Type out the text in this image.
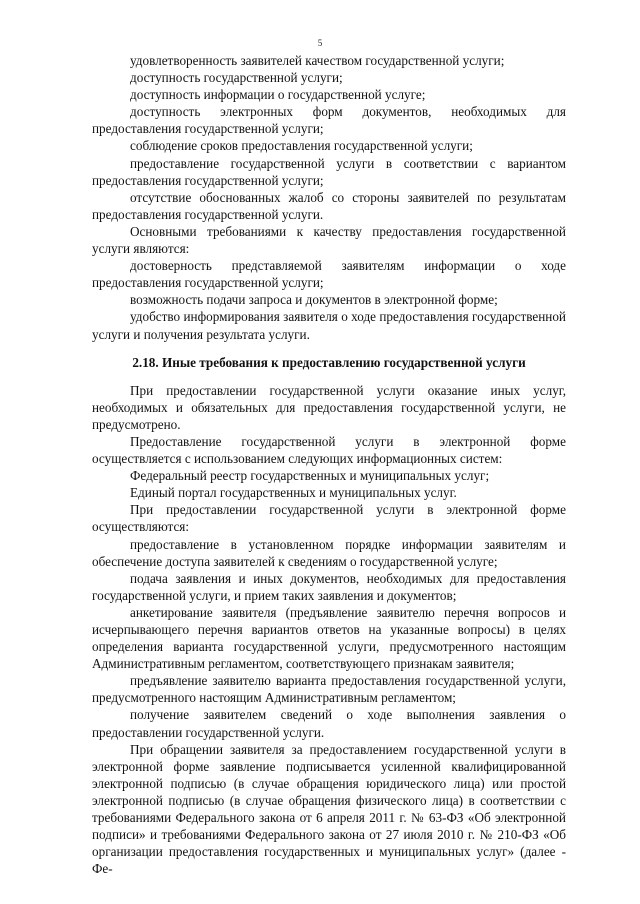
5

удовлетворенность заявителей качеством государственной услуги;

доступность государственной услуги;

доступность информации о государственной услуге;

доступность электронных форм документов, необходимых для предоставления государственной услуги;

соблюдение сроков предоставления государственной услуги;

предоставление государственной услуги в соответствии с вариантом предоставления государственной услуги;

отсутствие обоснованных жалоб со стороны заявителей по результатам предоставления государственной услуги.

Основными требованиями к качеству предоставления государственной услуги являются:

достоверность представляемой заявителям информации о ходе предоставления государственной услуги;

возможность подачи запроса и документов в электронной форме;

удобство информирования заявителя о ходе предоставления государственной услуги и получения результата услуги.

2.18. Иные требования к предоставлению государственной услуги

При предоставлении государственной услуги оказание иных услуг, необходимых и обязательных для предоставления государственной услуги, не предусмотрено.

Предоставление государственной услуги в электронной форме осуществляется с использованием следующих информационных систем:

Федеральный реестр государственных и муниципальных услуг;

Единый портал государственных и муниципальных услуг.

При предоставлении государственной услуги в электронной форме осуществляются:

предоставление в установленном порядке информации заявителям и обеспечение доступа заявителей к сведениям о государственной услуге;

подача заявления и иных документов, необходимых для предоставления государственной услуги, и прием таких заявления и документов;

анкетирование заявителя (предъявление заявителю перечня вопросов и исчерпывающего перечня вариантов ответов на указанные вопросы) в целях определения варианта государственной услуги, предусмотренного настоящим Административным регламентом, соответствующего признакам заявителя;

предъявление заявителю варианта предоставления государственной услуги, предусмотренного настоящим Административным регламентом;

получение заявителем сведений о ходе выполнения заявления о предоставлении государственной услуги.

При обращении заявителя за предоставлением государственной услуги в электронной форме заявление подписывается усиленной квалифицированной электронной подписью (в случае обращения юридического лица) или простой электронной подписью (в случае обращения физического лица) в соответствии с требованиями Федерального закона от 6 апреля 2011 г. № 63-ФЗ «Об электронной подписи» и требованиями Федерального закона от 27 июля 2010 г. № 210-ФЗ «Об организации предоставления государственных и муниципальных услуг» (далее - Фе-
